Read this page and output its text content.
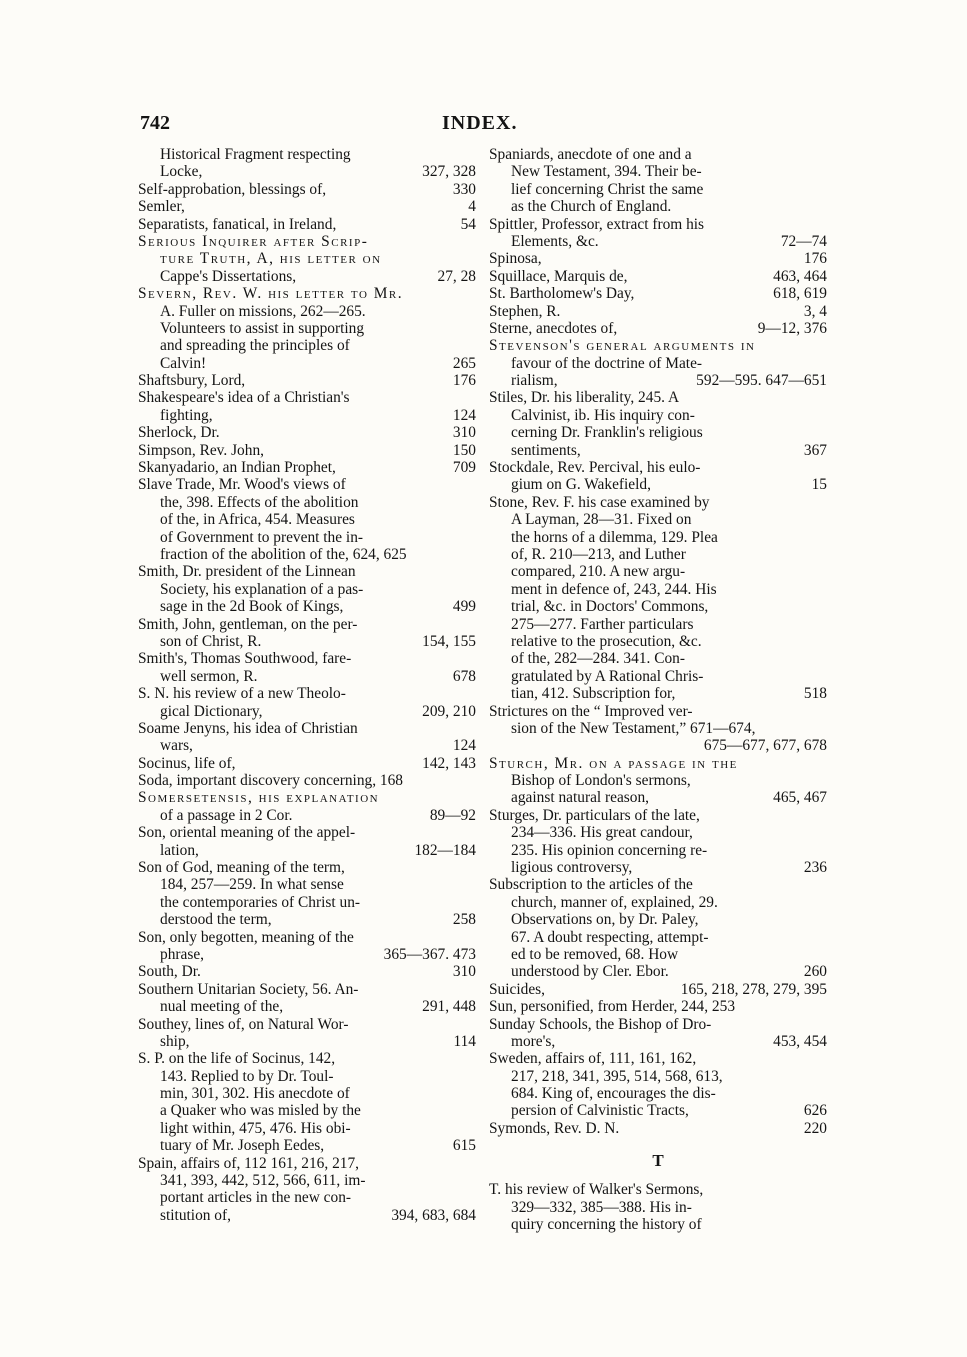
742	INDEX.
Historical Fragment respecting
Locke,	327, 328
Self-approbation, blessings of,	330
Semler,	4
Separatists, fanatical, in Ireland,	54
Serious Inquirer after Scrip-
ture Truth, A, his letter on
Cappe's Dissertations,	27, 28
Severn, Rev. W. his letter to Mr.
A. Fuller on missions, 262—265.
Volunteers to assist in supporting
and spreading the principles of
Calvin!	265
Shaftsbury, Lord,	176
Shakespeare's idea of a Christian's
fighting,	124
Sherlock, Dr.	310
Simpson, Rev. John,	150
Skanyadario, an Indian Prophet,	709
Slave Trade, Mr. Wood's views of
the, 398. Effects of the abolition
of the, in Africa, 454. Measures
of Government to prevent the in-
fraction of the abolition of the, 624, 625
Smith, Dr. president of the Linnean
Society, his explanation of a pas-
sage in the 2d Book of Kings,	499
Smith, John, gentleman, on the per-
son of Christ, R.	154, 155
Smith's, Thomas Southwood, fare-
well sermon, R.	678
S. N. his review of a new Theolo-
gical Dictionary,	209, 210
Soame Jenyns, his idea of Christian
wars,	124
Socinus, life of,	142, 143
Soda, important discovery concerning, 168
Somersetensis, his explanation
of a passage in 2 Cor.	89—92
Son, oriental meaning of the appel-
lation,	182—184
Son of God, meaning of the term,
184, 257—259. In what sense
the contemporaries of Christ un-
derstood the term,	258
Son, only begotten, meaning of the
phrase,	365—367. 473
South, Dr.	310
Southern Unitarian Society, 56. An-
nual meeting of the,	291, 448
Southey, lines of, on Natural Wor-
ship,	114
S. P. on the life of Socinus, 142,
143. Replied to by Dr. Toul-
min, 301, 302. His anecdote of
a Quaker who was misled by the
light within, 475, 476. His obi-
tuary of Mr. Joseph Eedes,	615
Spain, affairs of, 112 161, 216, 217,
341, 393, 442, 512, 566, 611, im-
portant articles in the new con-
stitution of,	394, 683, 684
Spaniards, anecdote of one and a
New Testament, 394. Their be-
lief concerning Christ the same
as the Church of England.
Spittler, Professor, extract from his
Elements, &c.	72—74
Spinosa,	176
Squillace, Marquis de,	463, 464
St. Bartholomew's Day,	618, 619
Stephen, R.	3, 4
Sterne, anecdotes of,	9—12, 376
Stevenson's general arguments in
favour of the doctrine of Mate-
rialism,	592—595. 647—651
Stiles, Dr. his liberality, 245. A
Calvinist, ib. His inquiry con-
cerning Dr. Franklin's religious
sentiments,	367
Stockdale, Rev. Percival, his eulo-
gium on G. Wakefield,	15
Stone, Rev. F. his case examined by
A Layman, 28—31. Fixed on
the horns of a dilemma, 129. Plea
of, R. 210—213, and Luther
compared, 210. A new argu-
ment in defence of, 243, 244. His
trial, &c. in Doctors' Commons,
275—277. Farther particulars
relative to the prosecution, &c.
of the, 282—284. 341. Con-
gratulated by A Rational Chris-
tian, 412. Subscription for,	518
Strictures on the “ Improved ver-
sion of the New Testament,” 671—674,
675—677, 677, 678
Sturch, Mr. on a passage in the
Bishop of London's sermons,
against natural reason,	465, 467
Sturges, Dr. particulars of the late,
234—336. His great candour,
235. His opinion concerning re-
ligious controversy,	236
Subscription to the articles of the
church, manner of, explained, 29.
Observations on, by Dr. Paley,
67. A doubt respecting, attempt-
ed to be removed, 68. How
understood by Cler. Ebor.	260
Suicides,	165, 218, 278, 279, 395
Sun, personified, from Herder, 244, 253
Sunday Schools, the Bishop of Dro-
more's,	453, 454
Sweden, affairs of, 111, 161, 162,
217, 218, 341, 395, 514, 568, 613,
684. King of, encourages the dis-
persion of Calvinistic Tracts,	626
Symonds, Rev. D. N.	220
T
T. his review of Walker's Sermons,
329—332, 385—388. His in-
quiry concerning the history of
